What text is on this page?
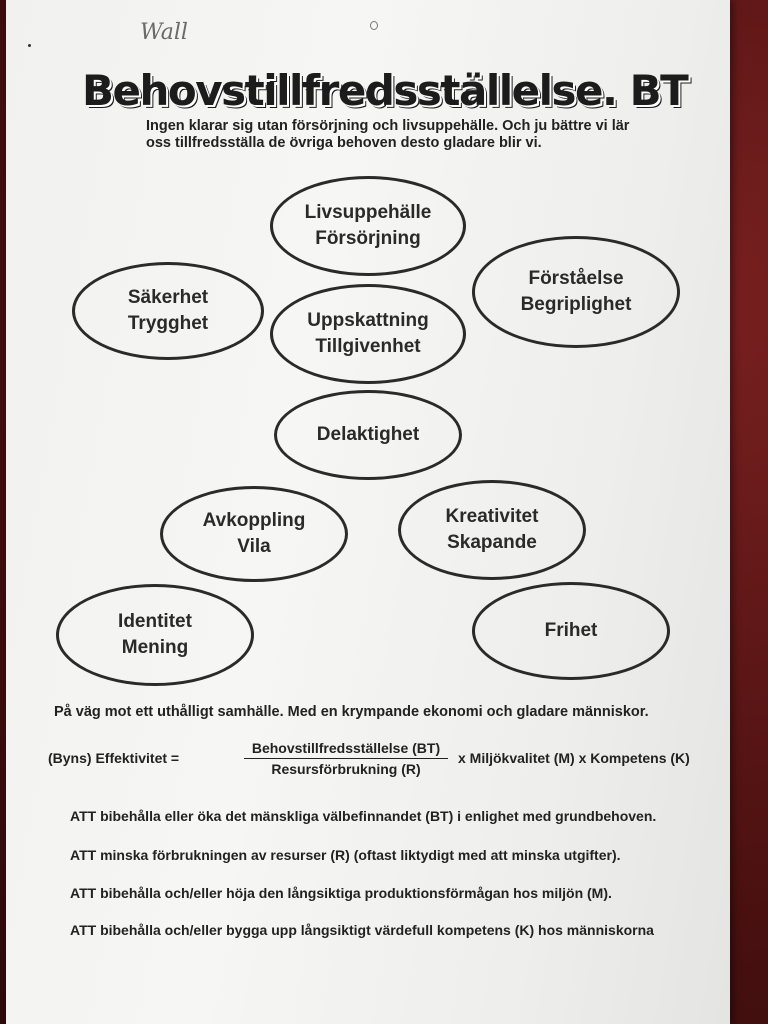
Wall
Behovstillfredsställelse. BT
Ingen klarar sig utan försörjning och livsuppehälle. Och ju bättre vi lär oss tillfredsställa de övriga behoven desto gladare blir vi.
Livsuppehälle
Försörjning
Säkerhet
Trygghet
Förståelse
Begriplighet
Uppskattning
Tillgivenhet
Delaktighet
Avkoppling
Vila
Kreativitet
Skapande
Identitet
Mening
Frihet
På väg mot ett uthålligt samhälle. Med en krympande ekonomi och gladare människor.
(Byns) Effektivitet =
Behovstillfredsställelse (BT)
Resursförbrukning (R)
x Miljökvalitet (M) x Kompetens (K)
ATT bibehålla eller öka det mänskliga välbefinnandet (BT) i enlighet med grundbehoven.
ATT minska förbrukningen av resurser (R) (oftast liktydigt med att minska utgifter).
ATT bibehålla och/eller höja den långsiktiga produktionsförmågan hos miljön (M).
ATT bibehålla och/eller bygga upp långsiktigt värdefull kompetens (K) hos människorna
